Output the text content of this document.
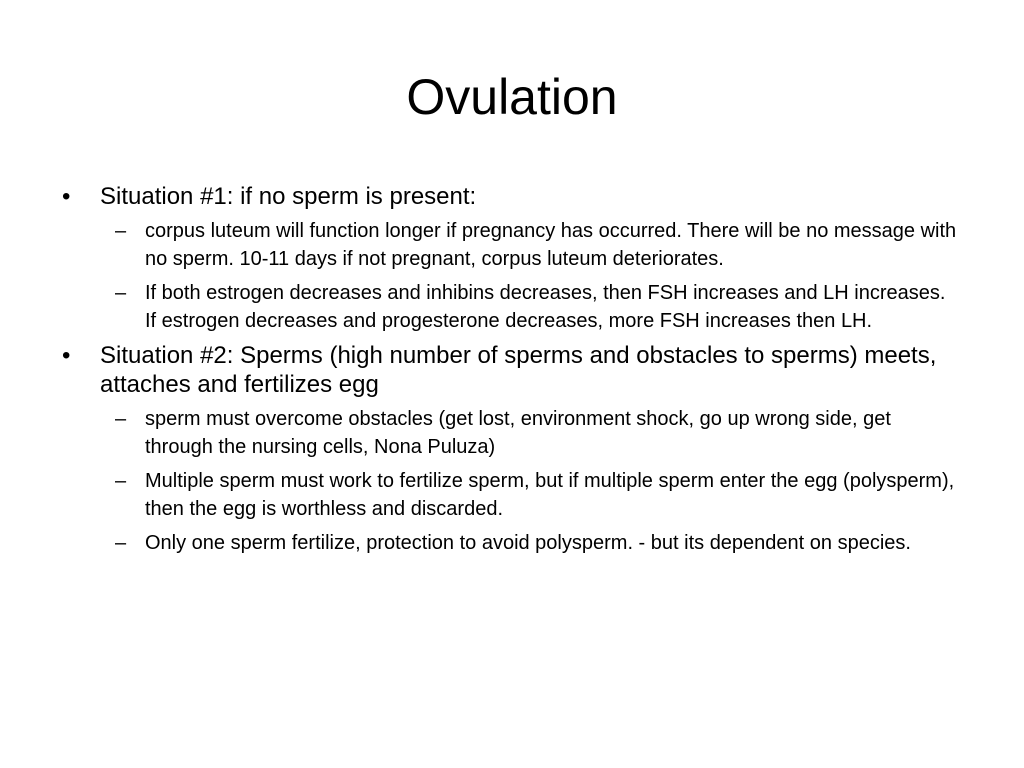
Ovulation
•	Situation #1: if no sperm is present:
– corpus luteum will function longer if pregnancy has occurred. There will be no message with no sperm. 10-11 days if not pregnant, corpus luteum deteriorates.
– If both estrogen decreases and inhibins decreases, then FSH increases and LH increases. If estrogen decreases and progesterone decreases, more FSH increases then LH.
•	Situation #2: Sperms (high number of sperms and obstacles to sperms) meets, attaches and fertilizes egg
– sperm must overcome obstacles (get lost, environment shock, go up wrong side, get through the nursing cells, Nona Puluza)
– Multiple sperm must work to fertilize sperm, but if multiple sperm enter the egg (polysperm), then the egg is worthless and discarded.
– Only one sperm fertilize, protection to avoid polysperm. - but its dependent on species.
